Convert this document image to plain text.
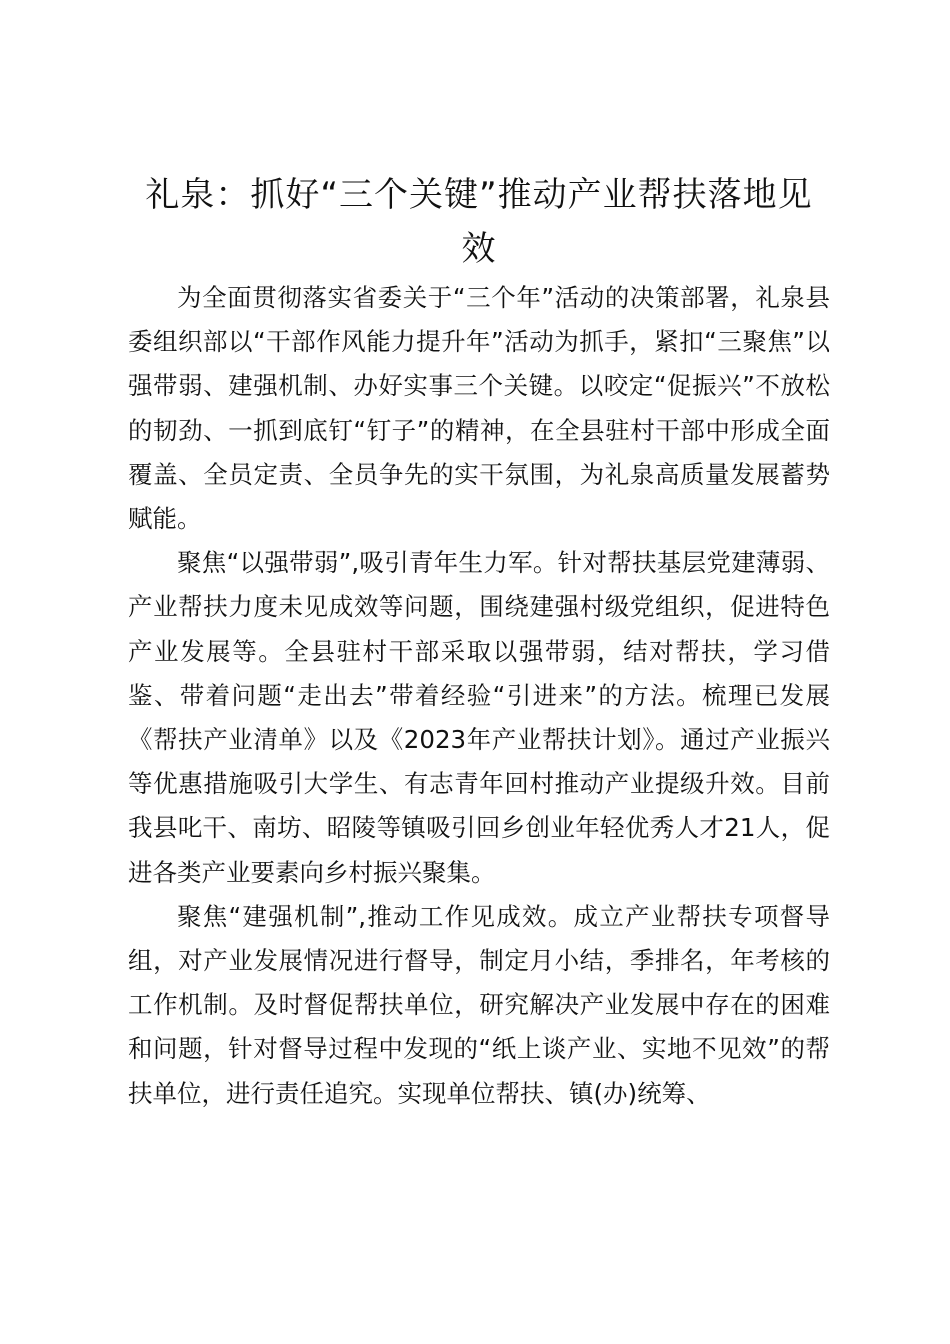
礼泉：抓好“三个关键”推动产业帮扶落地见效

为全面贯彻落实省委关于“三个年”活动的决策部署，礼泉县委组织部以“干部作风能力提升年”活动为抓手，紧扣“三聚焦”以强带弱、建强机制、办好实事三个关键。以咬定“促振兴”不放松的韧劲、一抓到底钉“钉子”的精神，在全县驻村干部中形成全面覆盖、全员定责、全员争先的实干氛围，为礼泉高质量发展蓄势赋能。

聚焦“以强带弱”,吸引青年生力军。针对帮扶基层党建薄弱、产业帮扶力度未见成效等问题，围绕建强村级党组织，促进特色产业发展等。全县驻村干部采取以强带弱，结对帮扶，学习借鉴、带着问题“走出去”带着经验“引进来”的方法。梳理已发展《帮扶产业清单》以及《2023年产业帮扶计划》。通过产业振兴等优惠措施吸引大学生、有志青年回村推动产业提级升效。目前我县叱干、南坊、昭陵等镇吸引回乡创业年轻优秀人才21人，促进各类产业要素向乡村振兴聚集。

聚焦“建强机制”,推动工作见成效。成立产业帮扶专项督导组，对产业发展情况进行督导，制定月小结，季排名，年考核的工作机制。及时督促帮扶单位，研究解决产业发展中存在的困难和问题，针对督导过程中发现的“纸上谈产业、实地不见效”的帮扶单位，进行责任追究。实现单位帮扶、镇(办)统筹、
